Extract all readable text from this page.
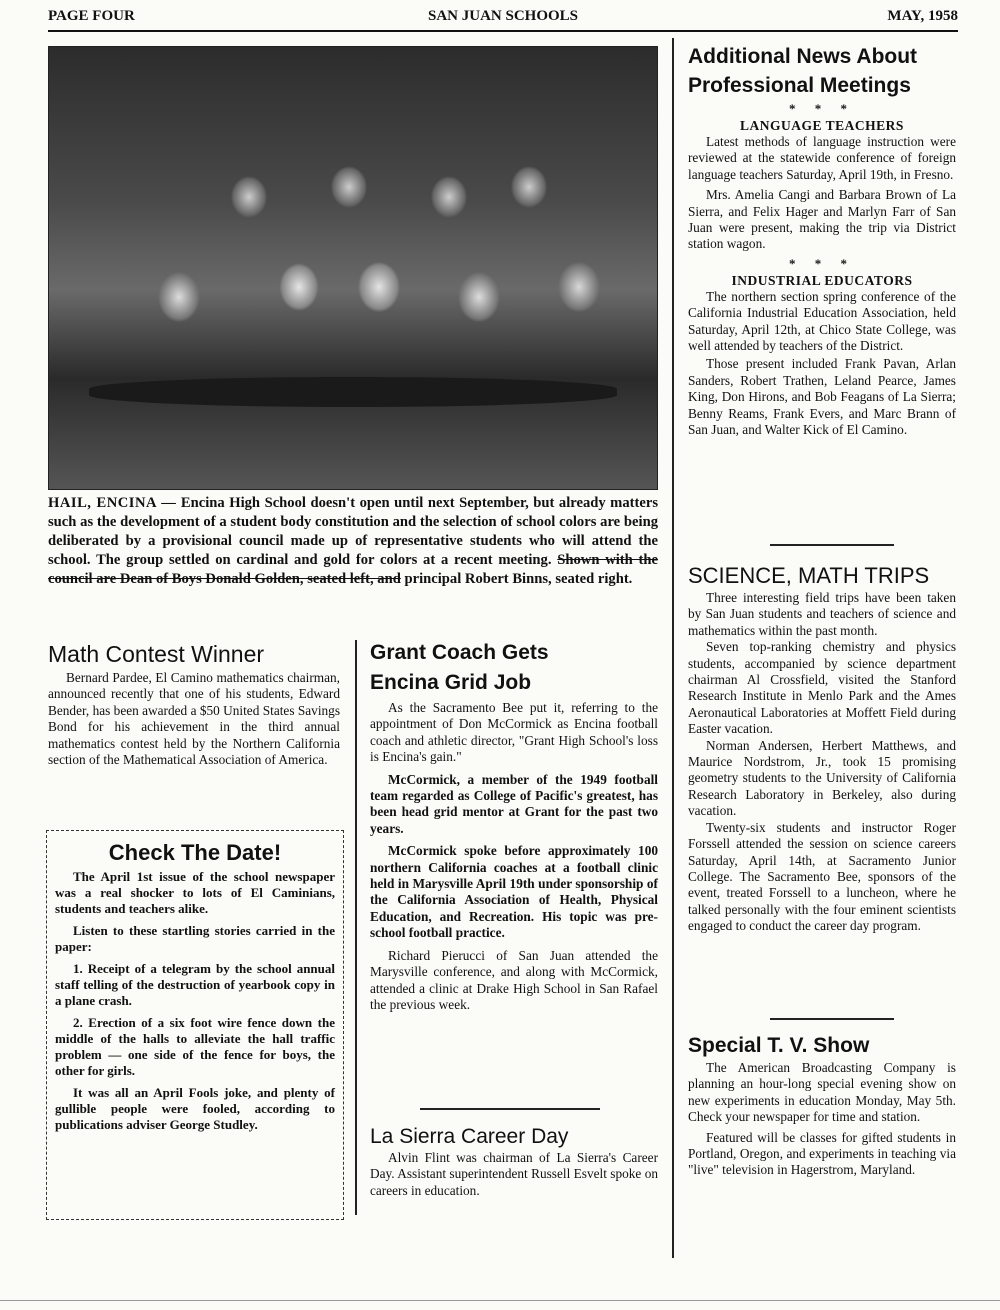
PAGE FOUR	SAN JUAN SCHOOLS	MAY, 1958
HAIL, ENCINA — Encina High School doesn't open until next September, but already matters such as the development of a student body constitution and the selection of school colors are being deliberated by a provisional council made up of representative students who will attend the school. The group settled on cardinal and gold for colors at a recent meeting. Shown with the council are Dean of Boys Donald Golden, seated left, and principal Robert Binns, seated right.
Math Contest Winner

Bernard Pardee, El Camino mathematics chairman, announced recently that one of his students, Edward Bender, has been awarded a $50 United States Savings Bond for his achievement in the third annual mathematics contest held by the Northern California section of the Mathematical Association of America.

Check The Date!

The April 1st issue of the school newspaper was a real shocker to lots of El Caminians, students and teachers alike.

Listen to these startling stories carried in the paper:

1. Receipt of a telegram by the school annual staff telling of the destruction of yearbook copy in a plane crash.

2. Erection of a six foot wire fence down the middle of the halls to alleviate the hall traffic problem — one side of the fence for boys, the other for girls.

It was all an April Fools joke, and plenty of gullible people were fooled, according to publications adviser George Studley.

Grant Coach Gets
Encina Grid Job

As the Sacramento Bee put it, referring to the appointment of Don McCormick as Encina football coach and athletic director, "Grant High School's loss is Encina's gain."

McCormick, a member of the 1949 football team regarded as College of Pacific's greatest, has been head grid mentor at Grant for the past two years.

McCormick spoke before approximately 100 northern California coaches at a football clinic held in Marysville April 19th under sponsorship of the California Association of Health, Physical Education, and Recreation. His topic was pre-school football practice.

Richard Pierucci of San Juan attended the Marysville conference, and along with McCormick, attended a clinic at Drake High School in San Rafael the previous week.

La Sierra Career Day

Alvin Flint was chairman of La Sierra's Career Day. Assistant superintendent Russell Esvelt spoke on careers in education.

Additional News About
Professional Meetings
* * *
LANGUAGE TEACHERS

Latest methods of language instruction were reviewed at the statewide conference of foreign language teachers Saturday, April 19th, in Fresno.

Mrs. Amelia Cangi and Barbara Brown of La Sierra, and Felix Hager and Marlyn Farr of San Juan were present, making the trip via District station wagon.

* * *
INDUSTRIAL EDUCATORS

The northern section spring conference of the California Industrial Education Association, held Saturday, April 12th, at Chico State College, was well attended by teachers of the District.

Those present included Frank Pavan, Arlan Sanders, Robert Trathen, Leland Pearce, James King, Don Hirons, and Bob Feagans of La Sierra; Benny Reams, Frank Evers, and Marc Brann of San Juan, and Walter Kick of El Camino.

SCIENCE, MATH TRIPS

Three interesting field trips have been taken by San Juan students and teachers of science and mathematics within the past month.

Seven top-ranking chemistry and physics students, accompanied by science department chairman Al Crossfield, visited the Stanford Research Institute in Menlo Park and the Ames Aeronautical Laboratories at Moffett Field during Easter vacation.

Norman Andersen, Herbert Matthews, and Maurice Nordstrom, Jr., took 15 promising geometry students to the University of California Research Laboratory in Berkeley, also during vacation.

Twenty-six students and instructor Roger Forssell attended the session on science careers Saturday, April 14th, at Sacramento Junior College. The Sacramento Bee, sponsors of the event, treated Forssell to a luncheon, where he talked personally with the four eminent scientists engaged to conduct the career day program.

Special T. V. Show

The American Broadcasting Company is planning an hour-long special evening show on new experiments in education Monday, May 5th. Check your newspaper for time and station.

Featured will be classes for gifted students in Portland, Oregon, and experiments in teaching via "live" television in Hagerstrom, Maryland.
